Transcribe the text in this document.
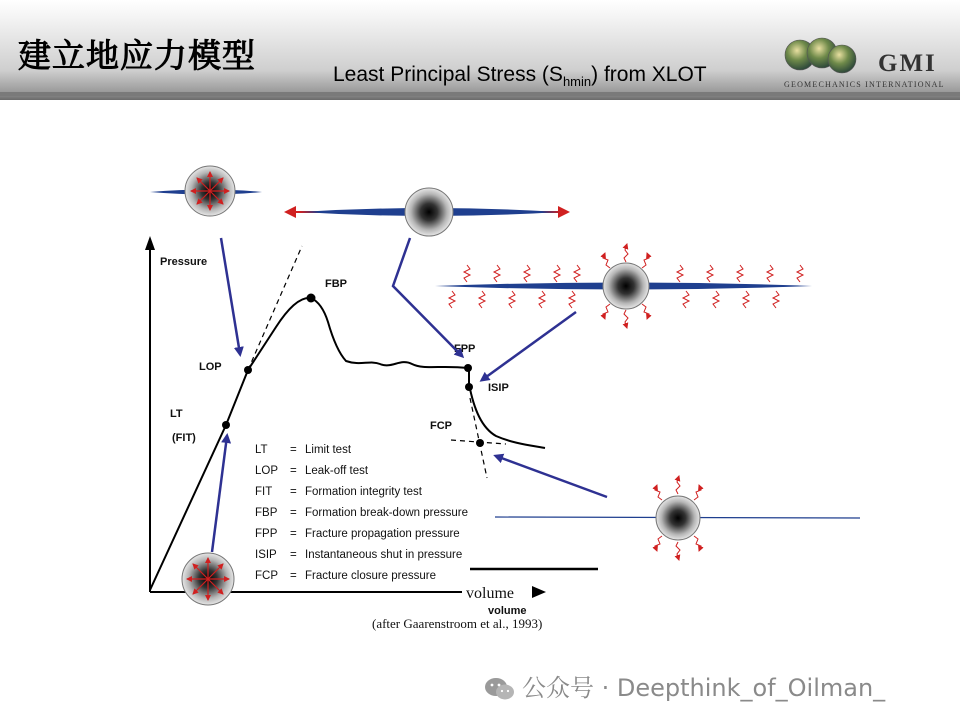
建立地应力模型	Least Principal Stress $(S_{hmin})$ from XLOT	GMI
GEOMECHANICS INTERNATIONAL
Pressure
FBP
FPP
LOP
LT
(FIT)
ISIP
FCP
LT = Limit test
LOP = Leak-off test
FIT = Formation integrity test
FBP = Formation break-down pressure
FPP = Fracture propagation pressure
ISIP = Instantaneous shut in pressure
FCP = Fracture closure pressure
volume
volume
(after Gaarenstroom et al., 1993)
公众号 · Deepthink_of_Oilman_
